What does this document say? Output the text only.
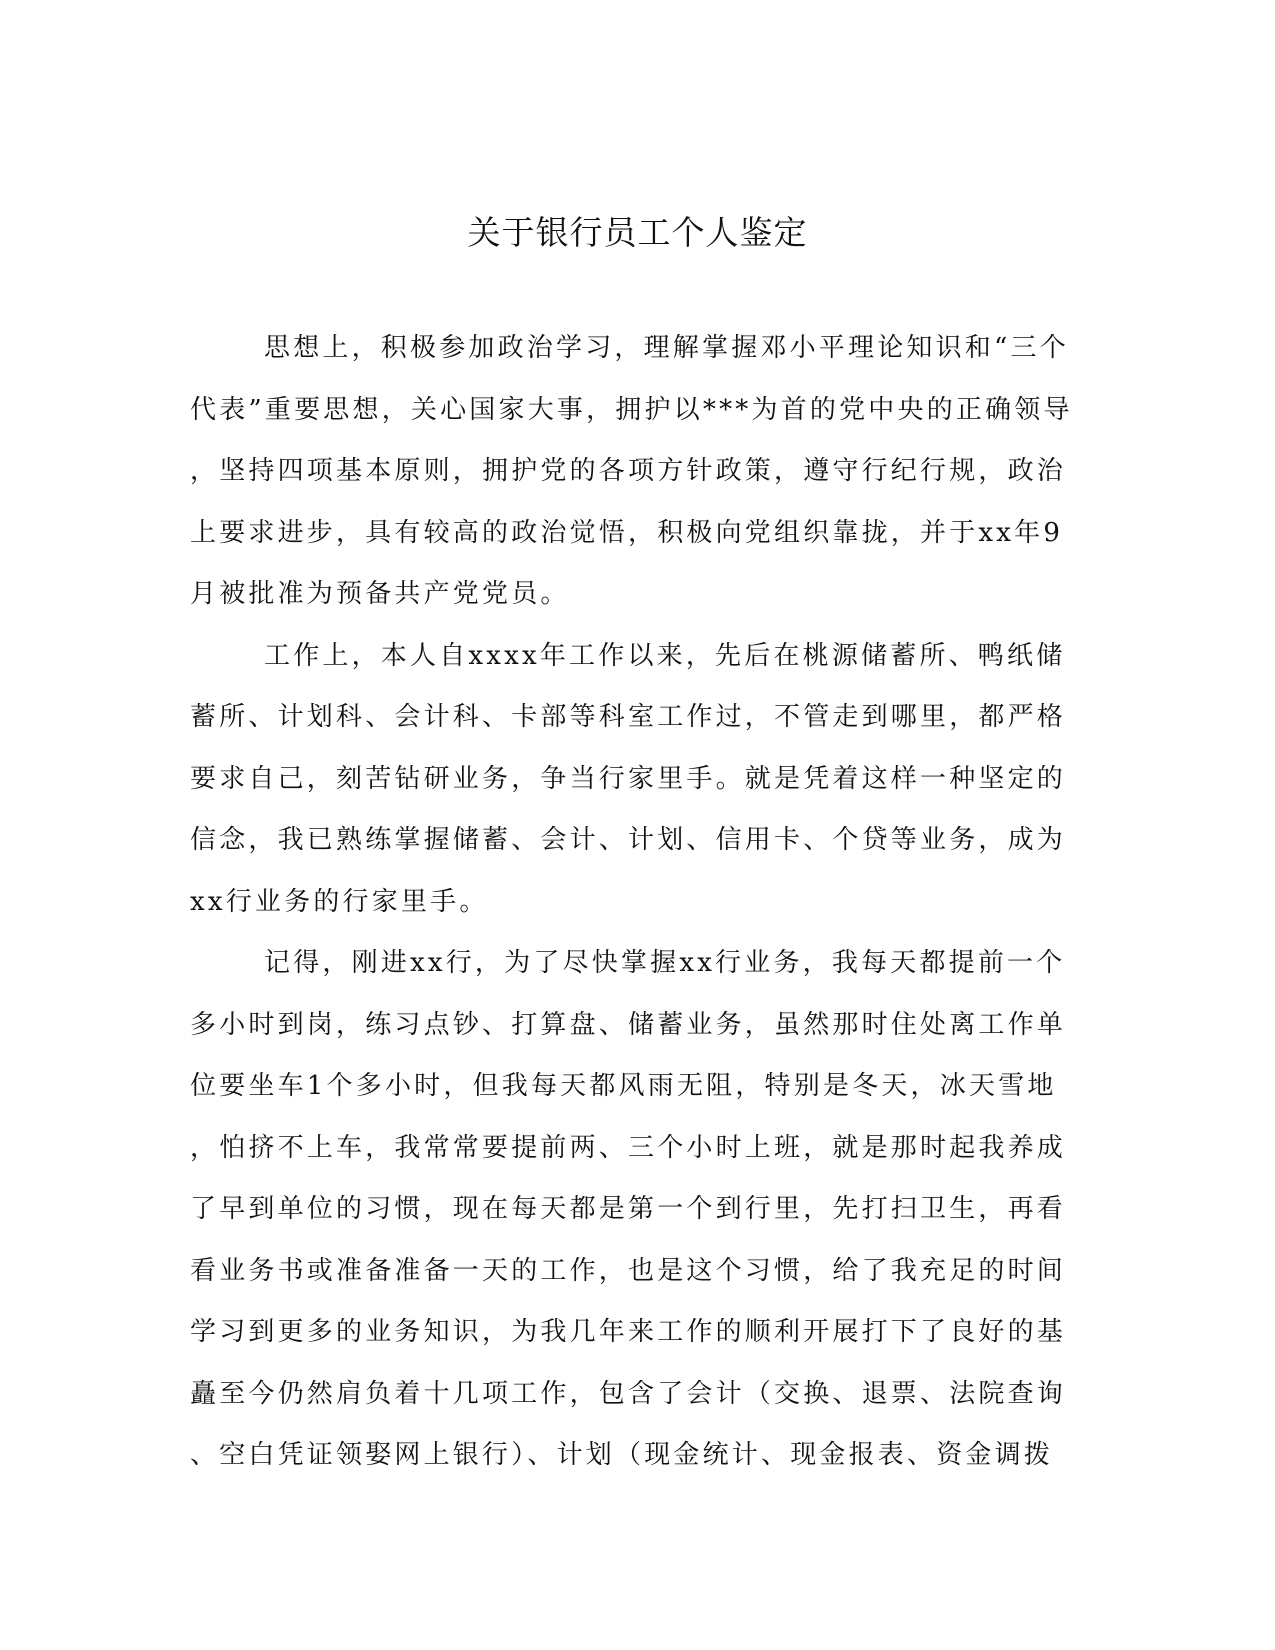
关于银行员工个人鉴定
思想上，积极参加政治学习，理解掌握邓小平理论知识和“三个
代表”重要思想，关心国家大事，拥护以***为首的党中央的正确领导
，坚持四项基本原则，拥护党的各项方针政策，遵守行纪行规，政治
上要求进步，具有较高的政治觉悟，积极向党组织靠拢，并于xx年9
月被批准为预备共产党党员。
工作上，本人自xxxx年工作以来，先后在桃源储蓄所、鸭纸储
蓄所、计划科、会计科、卡部等科室工作过，不管走到哪里，都严格
要求自己，刻苦钻研业务，争当行家里手。就是凭着这样一种坚定的
信念，我已熟练掌握储蓄、会计、计划、信用卡、个贷等业务，成为
xx行业务的行家里手。
记得，刚进xx行，为了尽快掌握xx行业务，我每天都提前一个
多小时到岗，练习点钞、打算盘、储蓄业务，虽然那时住处离工作单
位要坐车1个多小时，但我每天都风雨无阻，特别是冬天，冰天雪地
，怕挤不上车，我常常要提前两、三个小时上班，就是那时起我养成
了早到单位的习惯，现在每天都是第一个到行里，先打扫卫生，再看
看业务书或准备准备一天的工作，也是这个习惯，给了我充足的时间
学习到更多的业务知识，为我几年来工作的顺利开展打下了良好的基
矗至今仍然肩负着十几项工作，包含了会计（交换、退票、法院查询
、空白凭证领娶网上银行）、计划（现金统计、现金报表、资金调拨
